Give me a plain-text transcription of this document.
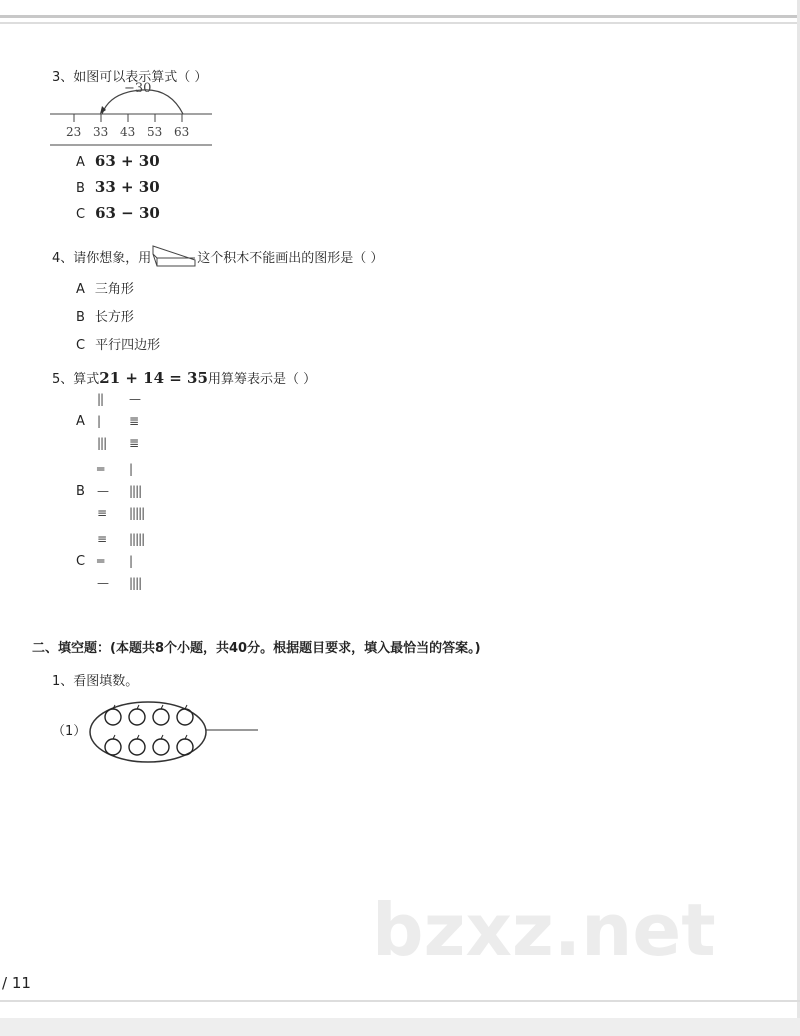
3、如图可以表示算式（ ）
−30
23 33 43 53 63
A 63 + 30
B 33 + 30
C 63 − 30
4、请你想象，用	这个积木不能画出的图形是（ ）
A 三角形
B 长方形
C 平行四边形
5、算式21 + 14 = 35用算筹表示是（ ）
A
|| —
| ≣
||| ≣
B
═ |
— ||||
≡ |||||
C
≡ |||||
═ |
— ||||
二、填空题：(本题共8个小题，共40分。根据题目要求，填入最恰当的答案。)
1、看图填数。
（1）
bzxz.net
/ 11
